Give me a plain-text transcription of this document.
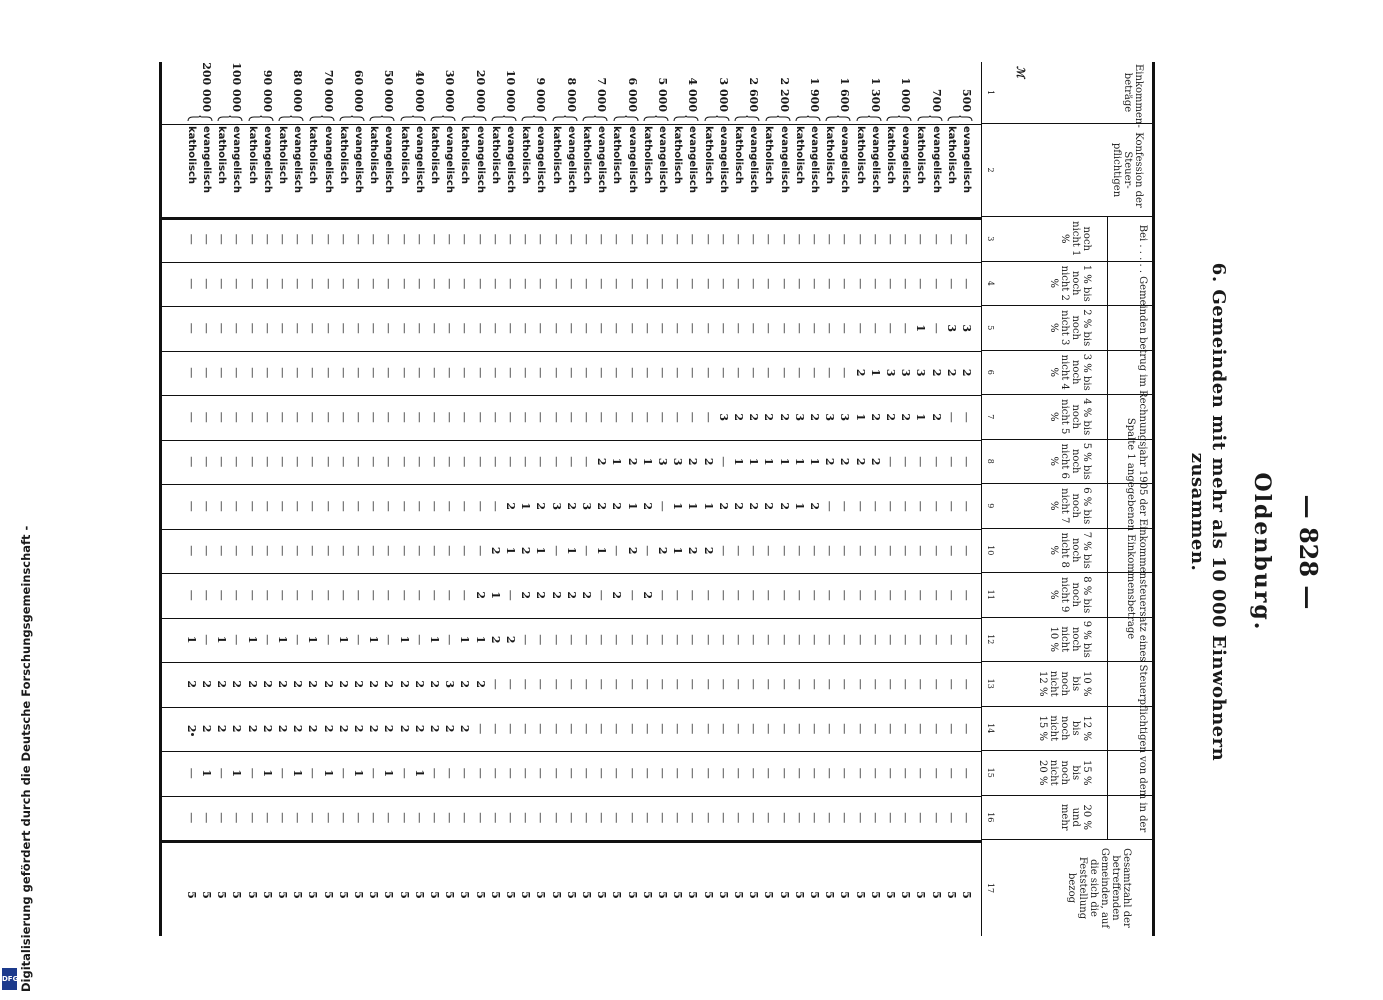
Digitalisierung gefördert durch die Deutsche Forschungsgemeinschaft -
DFG
— 828 —
Oldenburg.
6. Gemeinden mit mehr als 10 000 Einwohnern zusammen.
Bei . . . . . Gemeinden betrug im Rechnungsjahr 1905 der Einkommensteuersatz eines Steuerpflichtigen von dem in der Spalte 1 angegebenen Einkommensbetrage
Einkommen- beträge
1
ℳ
Konfession der Steuer- pflichtigen
2
noch nicht 1 %
3
1 % bis noch nicht 2 %
4
2 % bis noch nicht 3 %
5
3 % bis noch nicht 4 %
6
4 % bis noch nicht 5 %
7
5 % bis noch nicht 6 %
8
6 % bis noch nicht 7 %
9
7 % bis noch nicht 8 %
10
8 % bis noch nicht 9 %
11
9 % bis noch nicht 10 %
12
10 % bis noch nicht 12 %
13
12 % bis noch nicht 15 %
14
15 % bis noch nicht 20 %
15
20 % und mehr
16
Gesamtzahl der betreffenden Gemeinden, auf die sich die Feststellung bezog
17
500
evangelisch
—
—
3
2
—
—
—
—
—
—
—
—
—
—
5
katholisch
—
—
3
2
—
—
—
—
—
—
—
—
—
—
5
700
evangelisch
—
—
—
2
2
—
—
—
—
—
—
—
—
—
5
katholisch
—
—
1
3
1
—
—
—
—
—
—
—
—
—
5
1 000
evangelisch
—
—
—
3
2
—
—
—
—
—
—
—
—
—
5
katholisch
—
—
—
3
2
—
—
—
—
—
—
—
—
—
5
1 300
evangelisch
—
—
—
1
2
2
—
—
—
—
—
—
—
—
5
katholisch
—
—
—
2
1
2
—
—
—
—
—
—
—
—
5
1 600
evangelisch
—
—
—
—
3
2
—
—
—
—
—
—
—
—
5
katholisch
—
—
—
—
3
2
—
—
—
—
—
—
—
—
5
1 900
evangelisch
—
—
—
—
2
1
2
—
—
—
—
—
—
—
5
katholisch
—
—
—
—
3
1
1
—
—
—
—
—
—
—
5
2 200
evangelisch
—
—
—
—
2
1
2
—
—
—
—
—
—
—
5
katholisch
—
—
—
—
2
1
2
—
—
—
—
—
—
—
5
2 600
evangelisch
—
—
—
—
2
1
2
—
—
—
—
—
—
—
5
katholisch
—
—
—
—
2
1
2
—
—
—
—
—
—
—
5
3 000
evangelisch
—
—
—
—
3
—
2
—
—
—
—
—
—
—
5
katholisch
—
—
—
—
—
2
1
2
—
—
—
—
—
—
5
4 000
evangelisch
—
—
—
—
—
2
1
2
—
—
—
—
—
—
5
katholisch
—
—
—
—
—
3
1
1
—
—
—
—
—
—
5
5 000
evangelisch
—
—
—
—
—
3
—
2
—
—
—
—
—
—
5
katholisch
—
—
—
—
—
1
2
—
2
—
—
—
—
—
5
6 000
evangelisch
—
—
—
—
—
2
1
2
—
—
—
—
—
—
5
katholisch
—
—
—
—
—
1
2
—
2
—
—
—
—
—
5
7 000
evangelisch
—
—
—
—
—
2
2
1
—
—
—
—
—
—
5
katholisch
—
—
—
—
—
—
3
—
2
—
—
—
—
—
5
8 000
evangelisch
—
—
—
—
—
—
2
1
2
—
—
—
—
—
5
katholisch
—
—
—
—
—
—
3
—
2
—
—
—
—
—
5
9 000
evangelisch
—
—
—
—
—
—
2
1
2
—
—
—
—
—
5
katholisch
—
—
—
—
—
—
1
2
2
—
—
—
—
—
5
10 000
evangelisch
—
—
—
—
—
—
2
1
—
2
—
—
—
—
5
katholisch
—
—
—
—
—
—
—
2
1
2
—
—
—
—
5
20 000
evangelisch
—
—
—
—
—
—
—
—
2
1
2
—
—
—
5
katholisch
—
—
—
—
—
—
—
—
—
1
2
2
—
—
5
30 000
evangelisch
—
—
—
—
—
—
—
—
—
—
3
2
—
—
5
katholisch
—
—
—
—
—
—
—
—
—
1
2
2
—
—
5
40 000
evangelisch
—
—
—
—
—
—
—
—
—
—
2
2
1
—
5
katholisch
—
—
—
—
—
—
—
—
—
1
2
2
—
—
5
50 000
evangelisch
—
—
—
—
—
—
—
—
—
—
2
2
1
—
5
katholisch
—
—
—
—
—
—
—
—
—
1
2
2
—
—
5
60 000
evangelisch
—
—
—
—
—
—
—
—
—
—
2
2
1
—
5
katholisch
—
—
—
—
—
—
—
—
—
1
2
2
—
—
5
70 000
evangelisch
—
—
—
—
—
—
—
—
—
—
2
2
1
—
5
katholisch
—
—
—
—
—
—
—
—
—
1
2
2
—
—
5
80 000
evangelisch
—
—
—
—
—
—
—
—
—
—
2
2
1
—
5
katholisch
—
—
—
—
—
—
—
—
—
1
2
2
—
—
5
90 000
evangelisch
—
—
—
—
—
—
—
—
—
—
2
2
1
—
5
katholisch
—
—
—
—
—
—
—
—
—
1
2
2
—
—
5
100 000
evangelisch
—
—
—
—
—
—
—
—
—
—
2
2
1
—
5
katholisch
—
—
—
—
—
—
—
—
—
1
2
2
—
—
5
200 000
evangelisch
—
—
—
—
—
—
—
—
—
—
2
2
1
—
5
katholisch
—
—
—
—
—
—
—
—
—
1
2
2
—
—
5
